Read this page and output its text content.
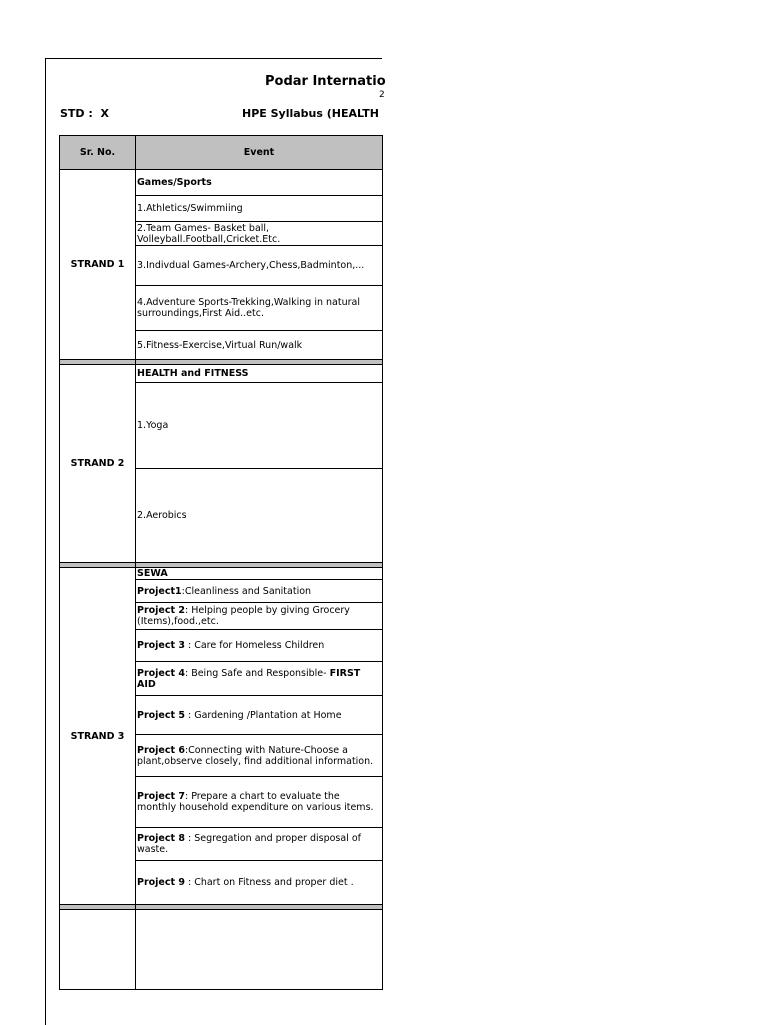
Podar Internatio
2
STD : X	HPE Syllabus (HEALTH
Sr. No.	Event
STRAND 1	Games/Sports
	1.Athletics/Swimmiing
	2.Team Games- Basket ball, Volleyball.Football,Cricket.Etc.
	3.Indivdual Games-Archery,Chess,Badminton,...
	4.Adventure Sports-Trekking,Walking in natural surroundings,First Aid..etc.
	5.Fitness-Exercise,Virtual Run/walk

STRAND 2	HEALTH and FITNESS
	1.Yoga
	2.Aerobics

STRAND 3	SEWA
	Project1:Cleanliness and Sanitation
	Project 2: Helping people by giving Grocery (Items),food.,etc.
	Project 3 : Care for Homeless Children
	Project 4: Being Safe and Responsible- FIRST AID
	Project 5 : Gardening /Plantation at Home
	Project 6:Connecting with Nature-Choose a plant,observe closely, find additional information.
	Project 7: Prepare a chart to evaluate the monthly household expenditure on various items.
	Project 8 : Segregation and proper disposal of waste.
	Project 9 : Chart on Fitness and proper diet .
